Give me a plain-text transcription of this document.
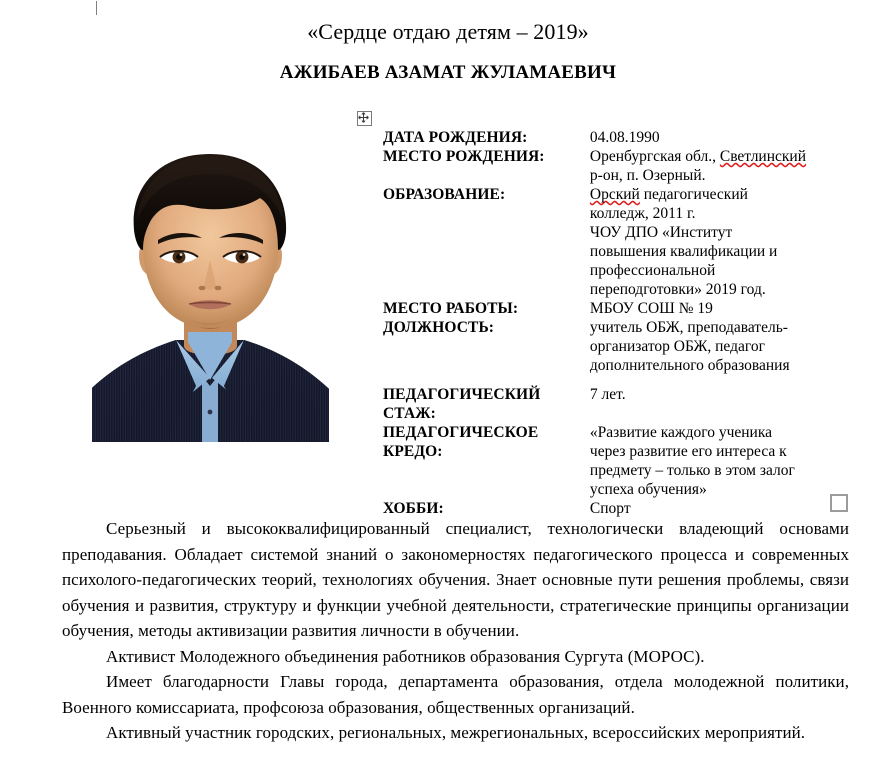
«Сердце отдаю детям – 2019»
АЖИБАЕВ АЗАМАТ ЖУЛАМАЕВИЧ
ДАТА РОЖДЕНИЯ:	04.08.1990

МЕСТО РОЖДЕНИЯ:	Оренбургская обл., Светлинский
р-он, п. Озерный.

ОБРАЗОВАНИЕ:	Орский педагогический
колледж, 2011 г.
ЧОУ ДПО «Институт
повышения квалификации и
профессиональной
переподготовки» 2019 год.

МЕСТО РАБОТЫ:	МБОУ СОШ № 19

ДОЛЖНОСТЬ:	учитель ОБЖ, преподаватель-
организатор ОБЖ, педагог
дополнительного образования

ПЕДАГОГИЧЕСКИЙ
СТАЖ:	7 лет.

ПЕДАГОГИЧЕСКОЕ
КРЕДО:	«Развитие каждого ученика
через развитие его интереса к
предмету – только в этом залог
успеха обучения»

ХОББИ:	Спорт

Серьезный и высококвалифицированный специалист, технологически владеющий основами преподавания. Обладает системой знаний о закономерностях педагогического процесса и современных психолого-педагогических теорий, технологиях обучения. Знает основные пути решения проблемы, связи обучения и развития, структуру и функции учебной деятельности, стратегические принципы организации обучения, методы активизации развития личности в обучении.

Активист Молодежного объединения работников образования Сургута (МОРОС).

Имеет благодарности Главы города, департамента образования, отдела молодежной политики, Военного комиссариата, профсоюза образования, общественных организаций.

Активный участник городских, региональных, межрегиональных, всероссийских мероприятий.
